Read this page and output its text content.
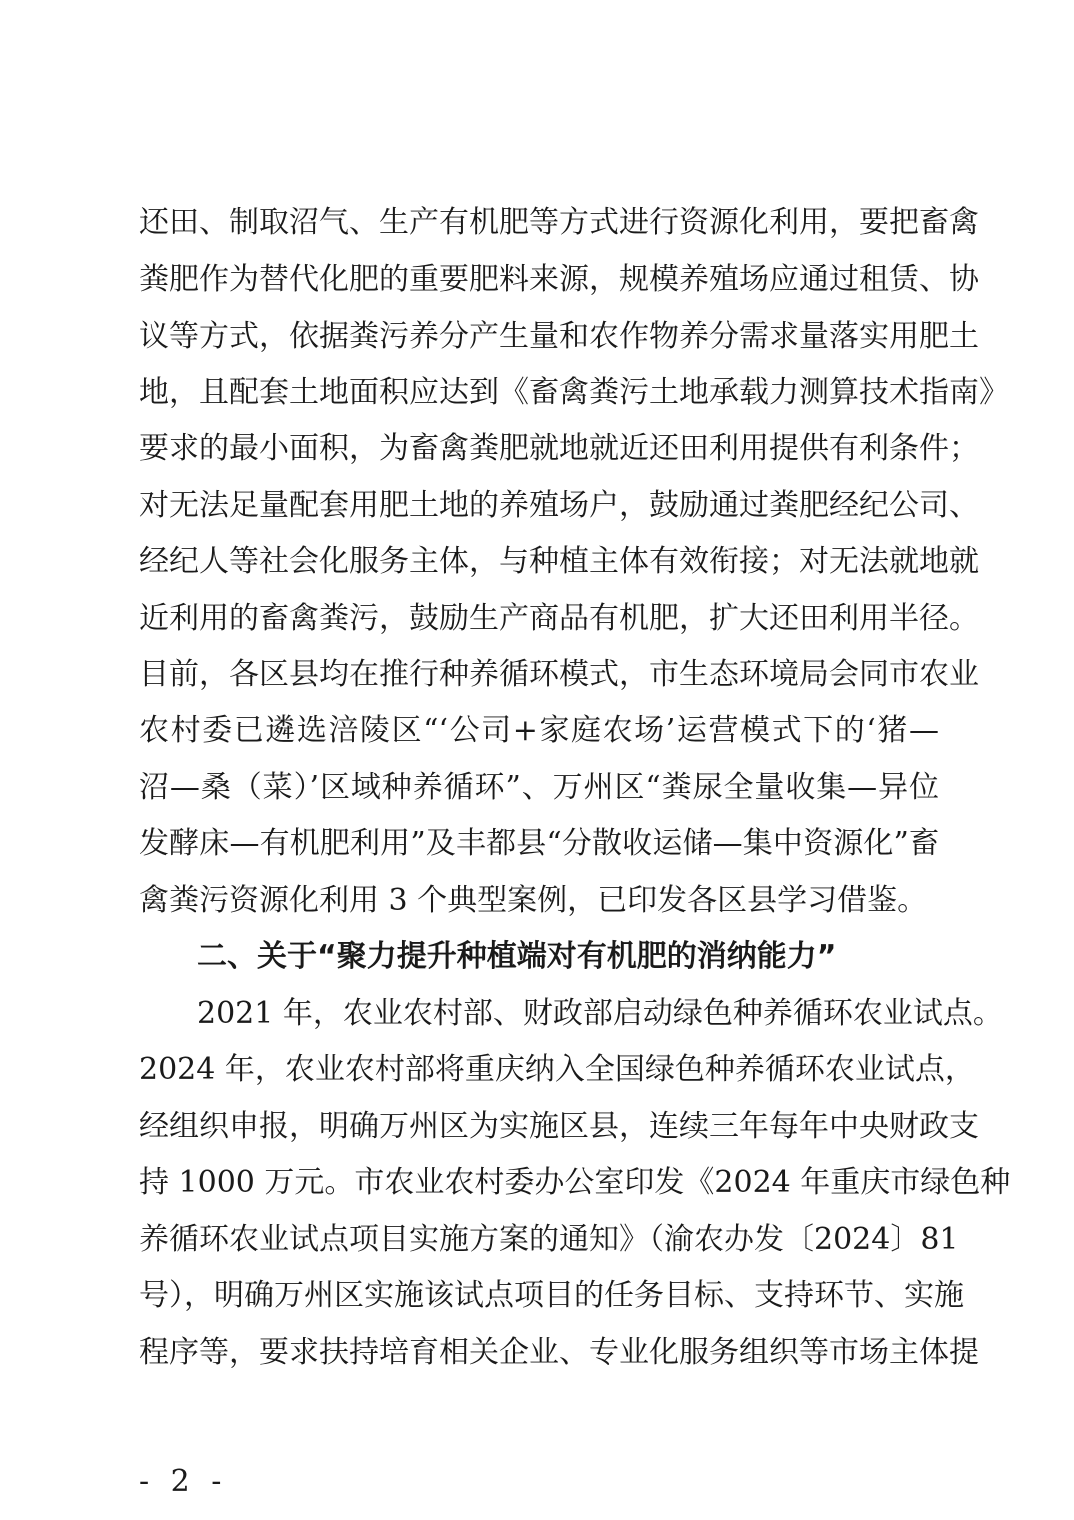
还田、制取沼气、生产有机肥等方式进行资源化利用，要把畜禽
粪肥作为替代化肥的重要肥料来源，规模养殖场应通过租赁、协
议等方式，依据粪污养分产生量和农作物养分需求量落实用肥土
地，且配套土地面积应达到《畜禽粪污土地承载力测算技术指南》
要求的最小面积，为畜禽粪肥就地就近还田利用提供有利条件；
对无法足量配套用肥土地的养殖场户，鼓励通过粪肥经纪公司、
经纪人等社会化服务主体，与种植主体有效衔接；对无法就地就
近利用的畜禽粪污，鼓励生产商品有机肥，扩大还田利用半径。
目前，各区县均在推行种养循环模式，市生态环境局会同市农业
农村委已遴选涪陵区“‘公司+家庭农场’运营模式下的‘猪—
沼—桑（菜）’区域种养循环”、万州区“粪尿全量收集—异位
发酵床—有机肥利用”及丰都县“分散收运储—集中资源化”畜
禽粪污资源化利用 3 个典型案例，已印发各区县学习借鉴。
二、关于“聚力提升种植端对有机肥的消纳能力”
2021 年，农业农村部、财政部启动绿色种养循环农业试点。
2024 年，农业农村部将重庆纳入全国绿色种养循环农业试点，
经组织申报，明确万州区为实施区县，连续三年每年中央财政支
持 1000 万元。市农业农村委办公室印发《2024 年重庆市绿色种
养循环农业试点项目实施方案的通知》（渝农办发〔2024〕81
号），明确万州区实施该试点项目的任务目标、支持环节、实施
程序等，要求扶持培育相关企业、专业化服务组织等市场主体提
- 2 -
